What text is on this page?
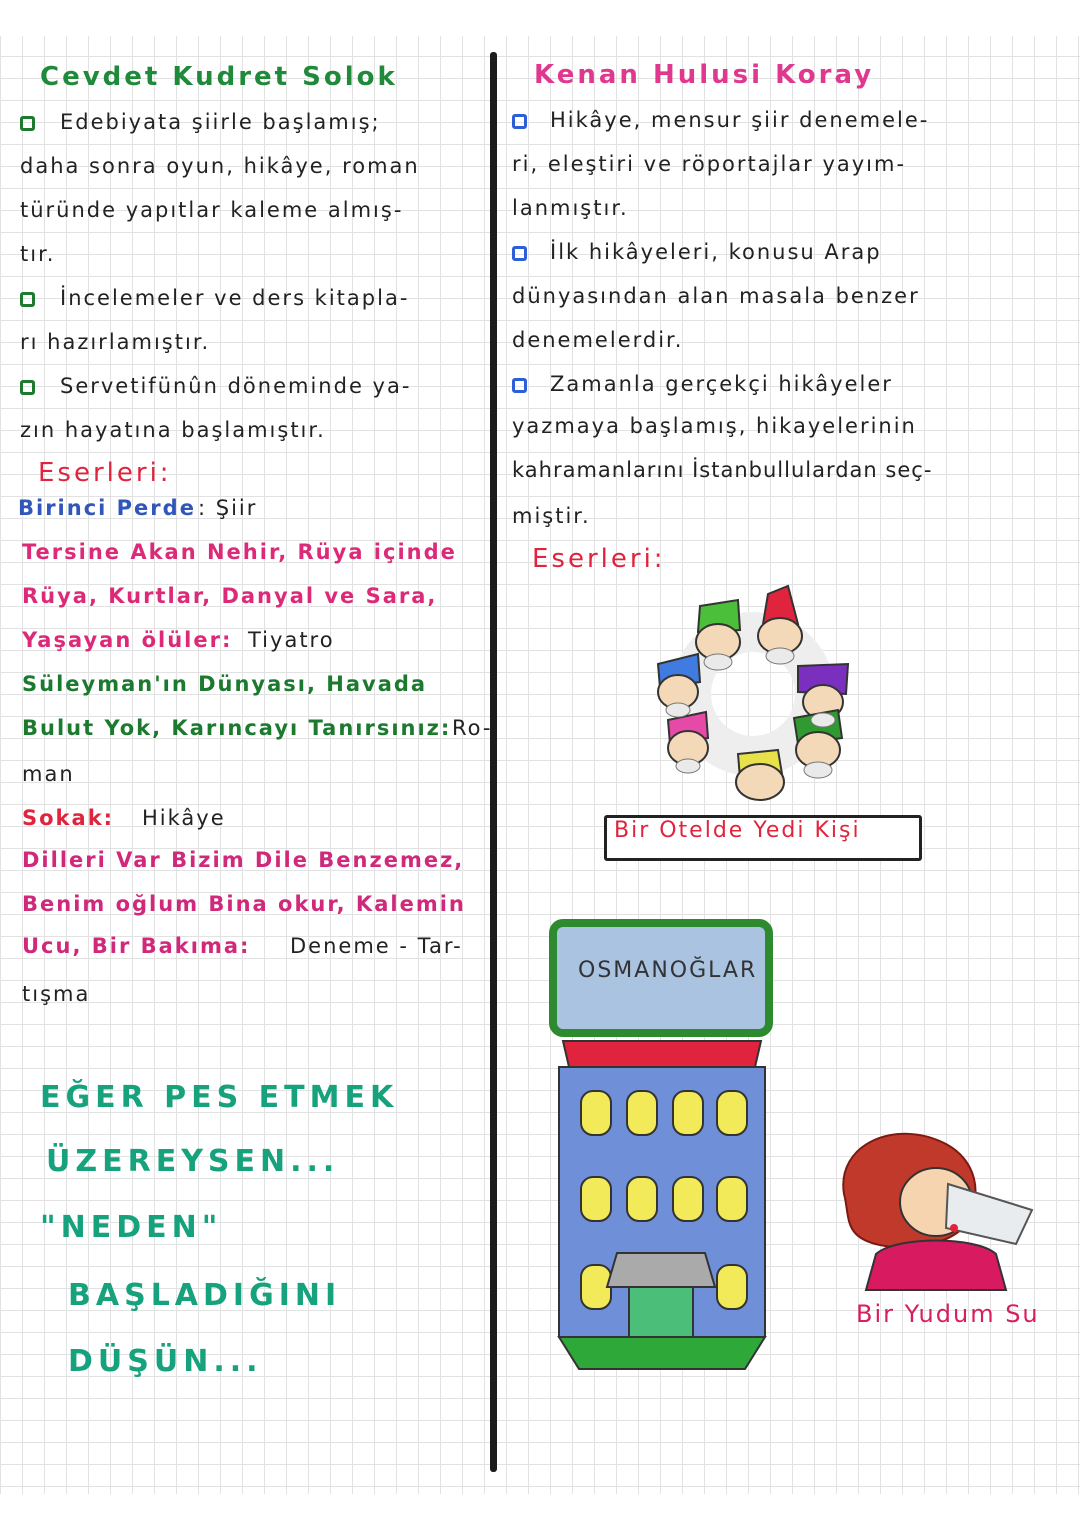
Cevdet Kudret Solok
Edebiyata şiirle başlamış;
daha sonra oyun, hikâye, roman
türünde yapıtlar kaleme almış-
tır.
İncelemeler ve ders kitapla-
rı hazırlamıştır.
Servetifünûn döneminde ya-
zın hayatına başlamıştır.
Eserleri:
Birinci Perde : Şiir
Tersine Akan Nehir, Rüya içinde
Rüya, Kurtlar, Danyal ve Sara,
Yaşayan ölüler: Tiyatro
Süleyman'ın Dünyası, Havada
Bulut Yok, Karıncayı Tanırsınız: Ro-
man
Sokak: Hikâye
Dilleri Var Bizim Dile Benzemez,
Benim oğlum Bina okur, Kalemin
Ucu, Bir Bakıma: Deneme - Tar-
tışma
EĞER PES ETMEK
ÜZEREYSEN...
"NEDEN"
BAŞLADIĞINI
DÜŞÜN...
Kenan Hulusi Koray
Hikâye, mensur şiir denemele-
ri, eleştiri ve röportajlar yayım-
lanmıştır.
İlk hikâyeleri, konusu Arap
dünyasından alan masala benzer
denemelerdir.
Zamanla gerçekçi hikâyeler
yazmaya başlamış, hikayelerinin
kahramanlarını İstanbullulardan seç-
miştir.
Eserleri:
Bir Otelde Yedi Kişi
OSMANOĞLAR
Bir Yudum Su
